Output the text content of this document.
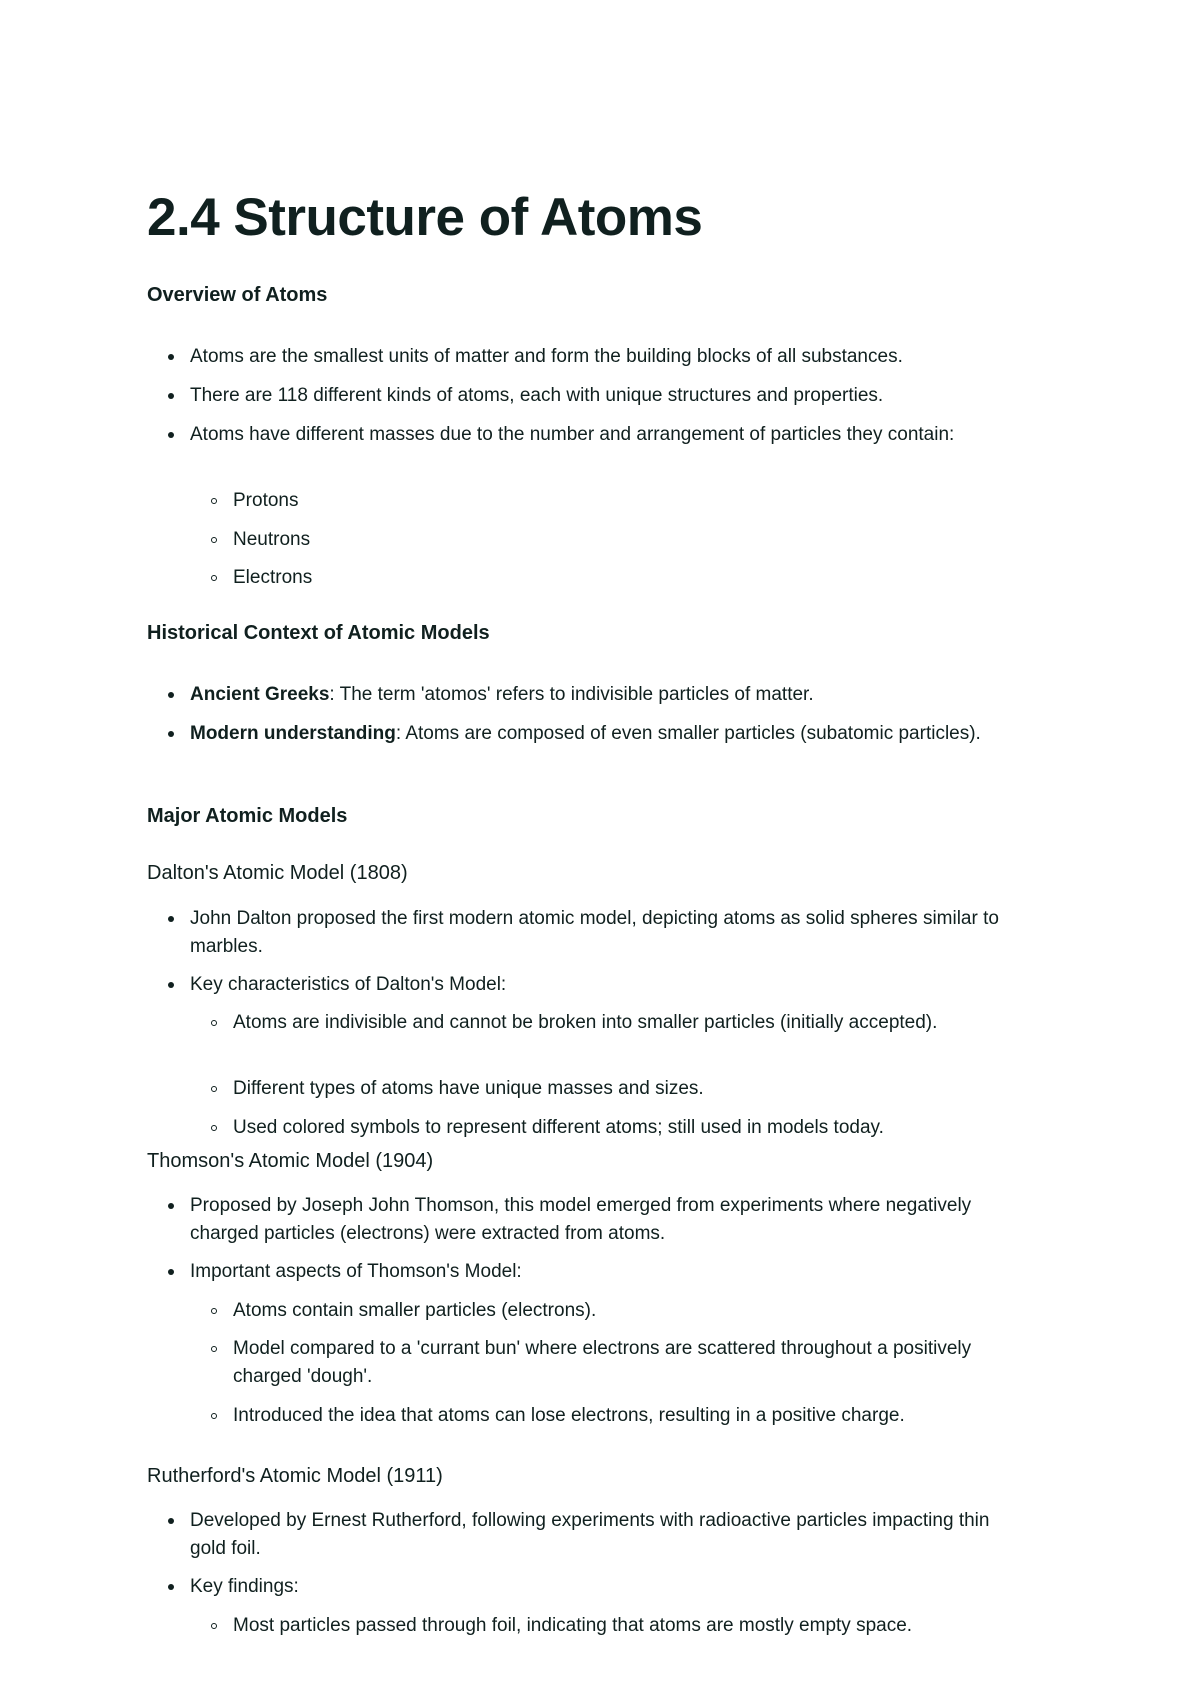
2.4 Structure of Atoms
Overview of Atoms

Atoms are the smallest units of matter and form the building blocks of all substances.

There are 118 different kinds of atoms, each with unique structures and properties.

Atoms have different masses due to the number and arrangement of particles they contain:

Protons

Neutrons

Electrons

Historical Context of Atomic Models

Ancient Greeks: The term 'atomos' refers to indivisible particles of matter.

Modern understanding: Atoms are composed of even smaller particles (subatomic particles).

Major Atomic Models
Dalton's Atomic Model (1808)

John Dalton proposed the first modern atomic model, depicting atoms as solid spheres similar to marbles.

Key characteristics of Dalton's Model:

Atoms are indivisible and cannot be broken into smaller particles (initially accepted).

Different types of atoms have unique masses and sizes.

Used colored symbols to represent different atoms; still used in models today.

Thomson's Atomic Model (1904)

Proposed by Joseph John Thomson, this model emerged from experiments where negatively charged particles (electrons) were extracted from atoms.

Important aspects of Thomson's Model:

Atoms contain smaller particles (electrons).

Model compared to a 'currant bun' where electrons are scattered throughout a positively charged 'dough'.

Introduced the idea that atoms can lose electrons, resulting in a positive charge.

Rutherford's Atomic Model (1911)

Developed by Ernest Rutherford, following experiments with radioactive particles impacting thin gold foil.

Key findings:

Most particles passed through foil, indicating that atoms are mostly empty space.
